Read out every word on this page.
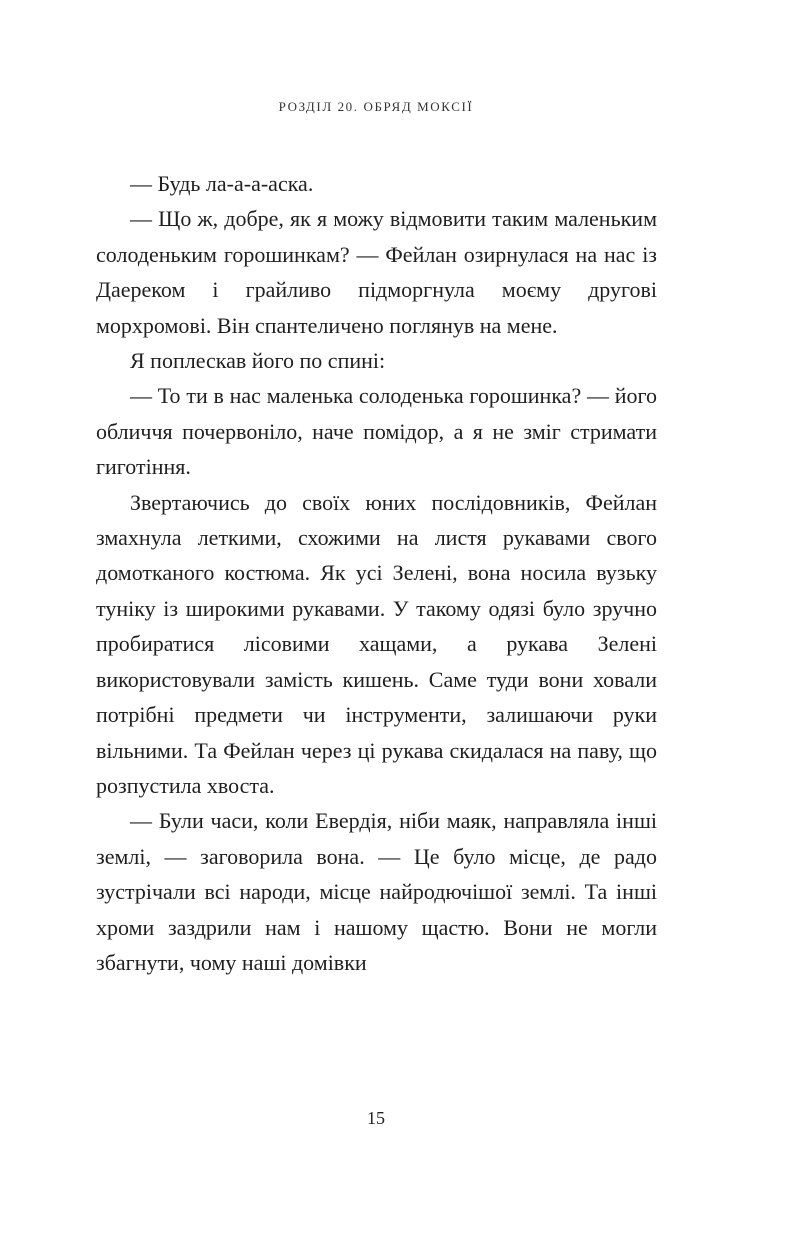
РОЗДІЛ 20. ОБРЯД МОКСІЇ

— Будь ла-а-а-аска.

— Що ж, добре, як я можу відмовити таким маленьким солоденьким горошинкам? — Фейлан озирнулася на нас із Даереком і грайливо підморгнула моєму другові морхромові. Він спантеличено поглянув на мене.

Я поплескав його по спині:

— То ти в нас маленька солоденька горошинка? — його обличчя почервоніло, наче помідор, а я не зміг стримати гиготіння.

Звертаючись до своїх юних послідовників, Фейлан змахнула леткими, схожими на листя рукавами свого домотканого костюма. Як усі Зелені, вона носила вузьку туніку із широкими рукавами. У такому одязі було зручно пробиратися лісовими хащами, а рукава Зелені використовували замість кишень. Саме туди вони ховали потрібні предмети чи інструменти, залишаючи руки вільними. Та Фейлан через ці рукава скидалася на паву, що розпустила хвоста.

— Були часи, коли Евердія, ніби маяк, направляла інші землі, — заговорила вона. — Це було місце, де радо зустрічали всі народи, місце найродючішої землі. Та інші хроми заздрили нам і нашому щастю. Вони не могли збагнути, чому наші домівки

15
